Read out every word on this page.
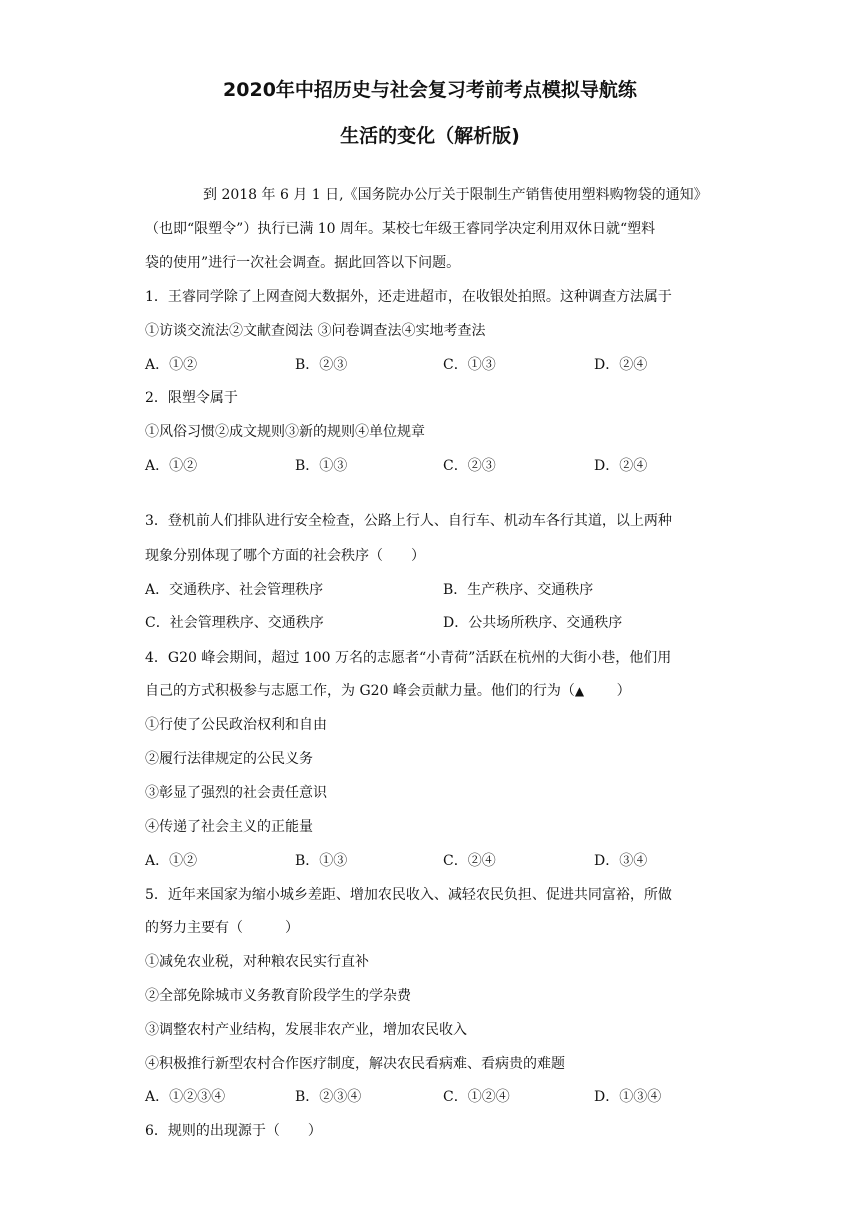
2020年中招历史与社会复习考前考点模拟导航练
生活的变化（解析版)
到 2018 年 6 月 1 日,《国务院办公厅关于限制生产销售使用塑料购物袋的通知》
（也即“限塑令”）执行已满 10 周年。某校七年级王睿同学决定利用双休日就“塑料
袋的使用”进行一次社会调查。据此回答以下问题。
1．王睿同学除了上网查阅大数据外，还走进超市，在收银处拍照。这种调查方法属于
①访谈交流法②文献查阅法 ③问卷调查法④实地考查法
A．①②	B．②③	C．①③	D．②④
2．限塑令属于
①风俗习惯②成文规则③新的规则④单位规章
A．①②	B．①③	C．②③	D．②④
3．登机前人们排队进行安全检查，公路上行人、自行车、机动车各行其道，以上两种
现象分别体现了哪个方面的社会秩序（　　）
A．交通秩序、社会管理秩序	B．生产秩序、交通秩序
C．社会管理秩序、交通秩序	D．公共场所秩序、交通秩序
4．G20 峰会期间，超过 100 万名的志愿者“小青荷”活跃在杭州的大街小巷，他们用
自己的方式积极参与志愿工作，为 G20 峰会贡献力量。他们的行为（▲　　 ）
①行使了公民政治权利和自由
②履行法律规定的公民义务
③彰显了强烈的社会责任意识
④传递了社会主义的正能量
A．①②	B．①③	C．②④	D．③④
5．近年来国家为缩小城乡差距、增加农民收入、减轻农民负担、促进共同富裕，所做
的努力主要有（　　　）
①减免农业税，对种粮农民实行直补
②全部免除城市义务教育阶段学生的学杂费
③调整农村产业结构，发展非农产业，增加农民收入
④积极推行新型农村合作医疗制度，解决农民看病难、看病贵的难题
A．①②③④	B．②③④	C．①②④	D．①③④
6．规则的出现源于（　　）
